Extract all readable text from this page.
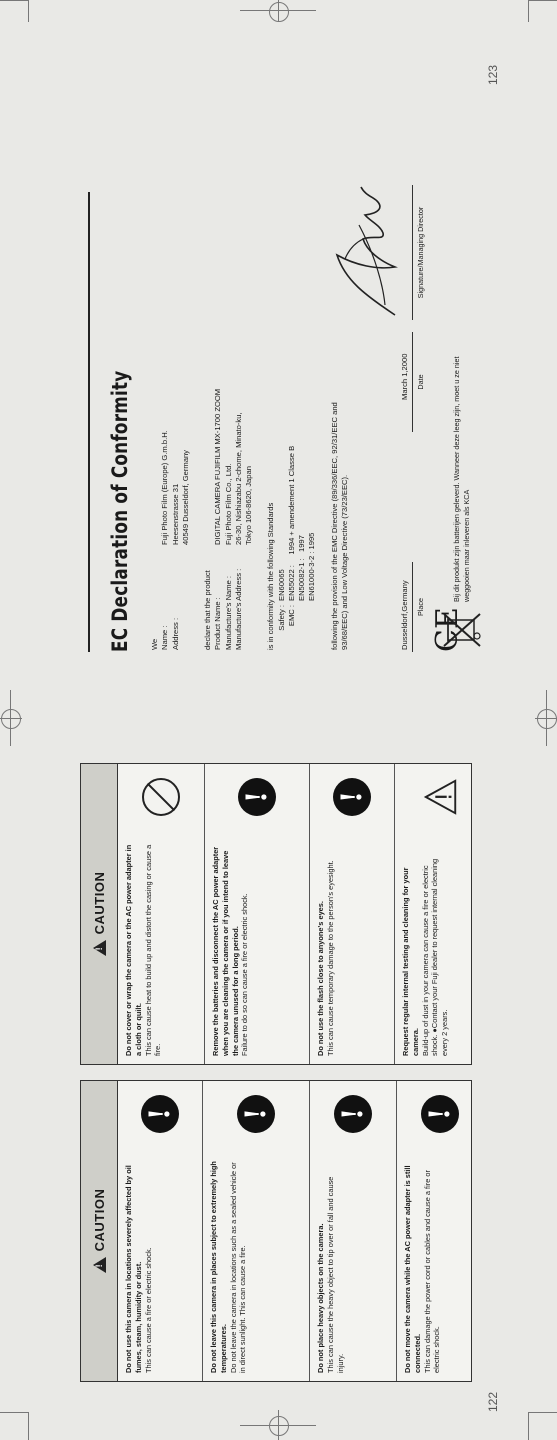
122
123
!
CAUTION Do not use this camera in locations severely affected by oil fumes, steam, humidity or dust. This can cause a fire or electric shock.
!
Do not leave this camera in places subject to extremely high temperatures. Do not leave the camera in locations such as a sealed vehicle or in direct sunlight. This can cause a fire.
!
Do not place heavy objects on the camera. This can cause the heavy object to tip over or fall and cause injury.
!
Do not move the camera while the AC power adapter is still connected. This can damage the power cord or cables and cause a fire or electric shock.
!
!
CAUTION Do not cover or wrap the camera or the AC power adapter in a cloth or quilt. This can cause heat to build up and distort the casing or cause a fire.	Remove the batteries and disconnect the AC power adapter when you are cleaning the camera or if you intend to leave the camera unused for a long period. Failure to do so can cause a fire or electric shock.
!
Do not use the flash close to anyone's eyes. This can cause temporary damage to the person's eyesight.
!
Request regular internal testing and cleaning for your camera. Build-up of dust in your camera can cause a fire or electric shock. ●Contact your Fuji dealer to request internal cleaning every 2 years.
EC Declaration of Conformity We Name :Fuji Photo Film (Europe) G.m.b.H.
Address :Heesenstrasse 31 40549 Dusseldorf, Germany
declare that the product Product Name :DIGITAL CAMERA FUJIFILM MX-1700 ZOOM
Manufacture's Name :Fuji Photo Film Co., Ltd.
Manufacture's Address :26-30, Nishiazabu 2-chome, Minato-ku, Tokyo 106-8620, Japan is in conformity with the following Standards Safety :EN60065
EMC :EN55022 :     1994 + amendement 1 Classe B EN50082-1 :   1997 EN61000-3-2 : 1995 following the provision of the EMC Directive (89/336/EEC, 92/31/EEC and 93/68/EEC) and Low Voltage Directive (73/23/EEC).	CE
Dusseldorf,Germany
March 1,2000
Place
Date
Signature/Managing Director
Bij dit produkt zijn batterijen geleverd. Wanneer deze leeg zijn, moet u ze niet weggooien maar inleveren als KCA
